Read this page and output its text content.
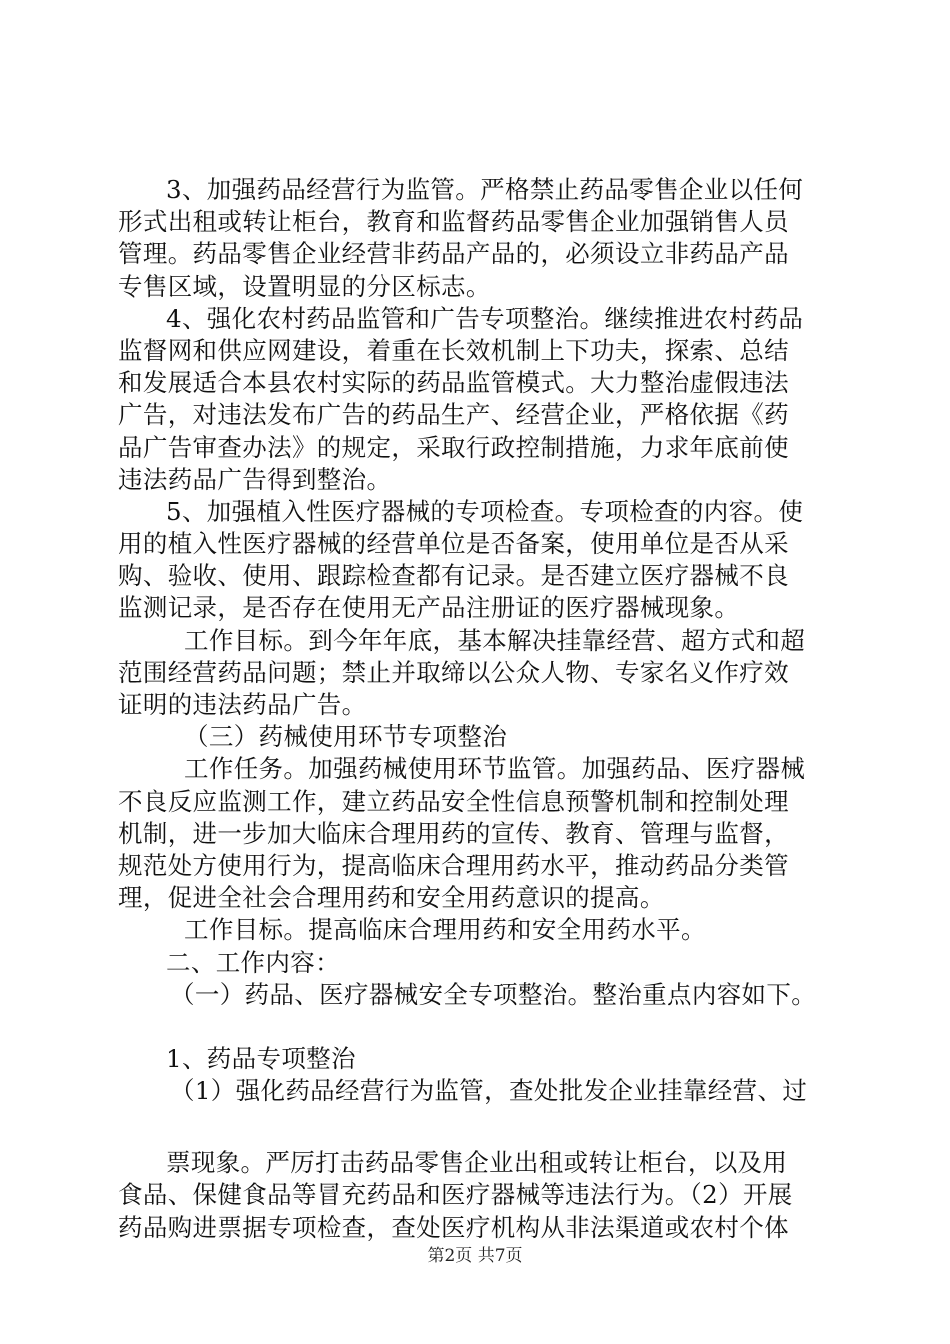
3、加强药品经营行为监管。严格禁止药品零售企业以任何
形式出租或转让柜台，教育和监督药品零售企业加强销售人员
管理。药品零售企业经营非药品产品的，必须设立非药品产品
专售区域，设置明显的分区标志。
4、强化农村药品监管和广告专项整治。继续推进农村药品
监督网和供应网建设，着重在长效机制上下功夫，探索、总结
和发展适合本县农村实际的药品监管模式。大力整治虚假违法
广告，对违法发布广告的药品生产、经营企业，严格依据《药
品广告审查办法》的规定，采取行政控制措施，力求年底前使
违法药品广告得到整治。
5、加强植入性医疗器械的专项检查。专项检查的内容。使
用的植入性医疗器械的经营单位是否备案，使用单位是否从采
购、验收、使用、跟踪检查都有记录。是否建立医疗器械不良
监测记录，是否存在使用无产品注册证的医疗器械现象。
工作目标。到今年年底，基本解决挂靠经营、超方式和超
范围经营药品问题；禁止并取缔以公众人物、专家名义作疗效
证明的违法药品广告。
（三）药械使用环节专项整治
工作任务。加强药械使用环节监管。加强药品、医疗器械
不良反应监测工作，建立药品安全性信息预警机制和控制处理
机制，进一步加大临床合理用药的宣传、教育、管理与监督，
规范处方使用行为，提高临床合理用药水平，推动药品分类管
理，促进全社会合理用药和安全用药意识的提高。
工作目标。提高临床合理用药和安全用药水平。
二、工作内容：
（一）药品、医疗器械安全专项整治。整治重点内容如下。
1、药品专项整治
（1）强化药品经营行为监管，查处批发企业挂靠经营、过
票现象。严厉打击药品零售企业出租或转让柜台，以及用
食品、保健食品等冒充药品和医疗器械等违法行为。（2）开展
药品购进票据专项检查，查处医疗机构从非法渠道或农村个体
第2页 共7页
